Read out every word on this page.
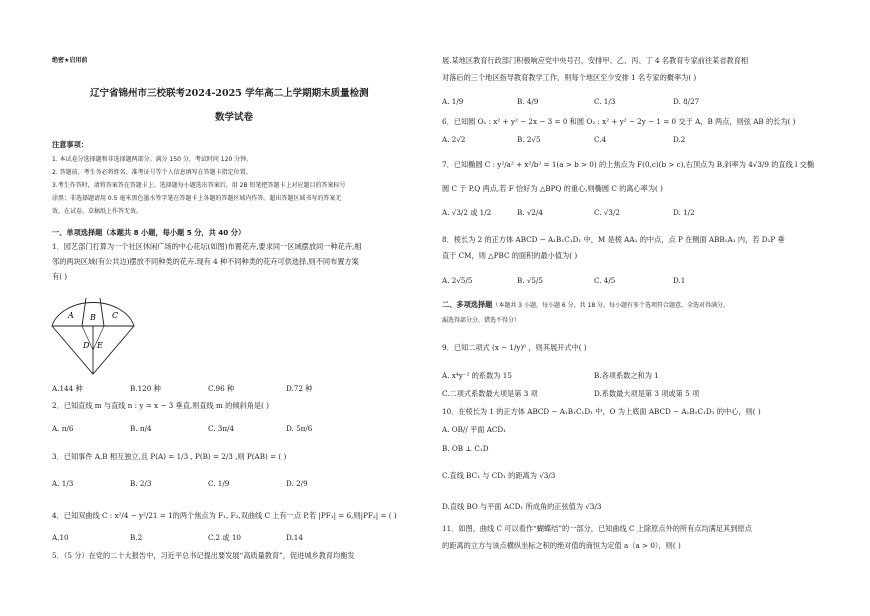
绝密★启用前
辽宁省锦州市三校联考2024-2025 学年高二上学期期末质量检测
数学试卷
注意事项：
1. 本试卷分选择题和非选择题两部分。满分 150 分，考试时间 120 分钟。
2. 答题前，考生务必将姓名、准考证号等个人信息填写在答题卡指定位置。
3.考生作答时，请将答案答在答题卡上。选择题每小题选出答案后，用 2B 铅笔把答题卡上对应题目的答案标号
涂黑；非选择题请用 0.5 毫米黑色墨水签字笔在答题卡上各题的答题区域内作答。超出答题区域书写的答案无
效，在试卷、草稿纸上作答无效。
一、单项选择题（本题共 8 小题，每小题 5 分，共 40 分）
1．园艺部门打算为一个社区休闲广场的中心花坛(如图)布置花卉,要求同一区域摆放同一种花卉,相
邻的两块区域(有公共边)摆放不同种类的花卉.现有 4 种不同种类的花卉可供选择,则不同布置方案
有( )
A B C
D E
A.144 种	B.120 种	C.96 种	D.72 种
2．已知直线 m 与直线 n : y = x − 3 垂直,则直线 m 的倾斜角是( )
A. π/6	B. π/4	C. 3π/4	D. 5π/6
3．已知事件 A,B 相互独立,且 P(A) = 1/3 , P(B) = 2/3 ,则 P(AB) = ( )
A. 1/3	B. 2/3	C. 1/9	D. 2/9
4．已知双曲线 C : x²/4 − y²/21 = 1的两个焦点为 F₁, F₂,双曲线 C 上有一点 P,若 |PF₁| = 6,则|PF₂| = ( )
A.10	B.2	C.2 或 10	D.14
5．（5 分）在党的二十大报告中，习近平总书记提出要发展“高质量教育”，促进城乡教育均衡发
展.某地区教育行政部门积极响应党中央号召，安排甲、乙、丙、丁 4 名教育专家前往某省教育相
对落后的三个地区指导教育教学工作，则每个地区至少安排 1 名专家的概率为( )
A. 1/9	B. 4/9	C. 1/3	D. 8/27
6．已知圆 O₁ : x² + y² − 2x − 3 = 0 和圆 O₂ : x² + y² − 2y − 1 = 0 交于 A，B 两点，则弦 AB 的长为( )
A. 2√2	B. 2√5	C.4	D.2
7．已知椭圆 C : y²/a² + x²/b² = 1(a > b > 0) 的上焦点为 F(0,c)(b > c),右顶点为 B,斜率为 4√3/9 的直线 l 交椭
圆 C 于 P,Q 两点,若 F 恰好为 △BPQ 的重心,则椭圆 C 的离心率为( )
A. √3/2 或 1/2	B. √2/4	C. √3/2	D. 1/2
8．棱长为 2 的正方体 ABCD − A₁B₁C₁D₁ 中，M 是棱 AA₁ 的中点，点 P 在侧面 ABB₁A₁ 内，若 D₁P 垂
直于 CM，则 △PBC 的面积的最小值为( )
A. 2√5/5	B. √5/5	C. 4/5	D.1
二、多项选择题（本题共 3 小题，每小题 6 分，共 18 分。每小题有多个选项符合题意，全选对得满分，
漏选得部分分，错选不得分）
9．已知二项式 (x − 1/y)⁶ ，则其展开式中( )
A. x⁴y⁻² 的系数为 15	B.各项系数之和为 1
C.二项式系数最大项是第 3 项	D.系数最大项是第 3 项或第 5 项
10．在棱长为 1 的正方体 ABCD − A₁B₁C₁D₁ 中，O 为上底面 ABCD − A₁B₁C₁D₁ 的中心，则( )
A. OB// 平面 ACD₁
B. OB ⊥ C₁D
C.直线 BC₁ 与 CD₁ 的距离为 √3/3
D.直线 BO 与平面 ACD₁ 所成角的正弦值为 √3/3
11．如图，曲线 C 可以看作“蝴蝶结”的一部分，已知曲线 C 上除原点外的所有点均满足其到原点
的距离的立方与该点横纵坐标之积的绝对值的商恒为定值 a（a > 0），则( )
